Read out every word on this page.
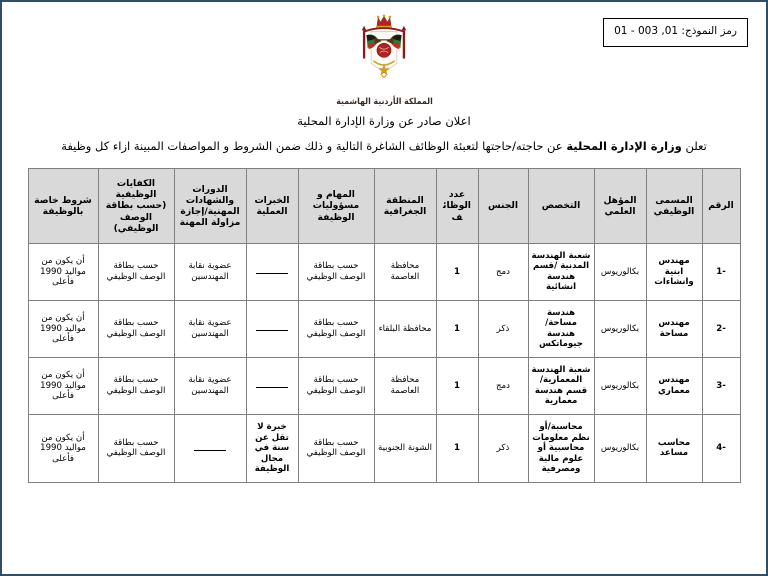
رمز النموذج: 01, 003 - 01
المملكة الأردنية الهاشمية
اعلان صادر عن وزارة الإدارة المحلية
تعلن وزارة الإدارة المحلية عن حاجته/حاجتها لتعبئة الوظائف الشاغرة التالية و ذلك ضمن الشروط و المواصفات المبينة ازاء كل وظيفة
الرقم	المسمى الوظيفي	المؤهل العلمي	التخصص	الجنس	عدد الوظائف	المنطقة الجغرافية	المهام و مسؤوليات الوظيفة	الخبرات العملية	الدورات والشهادات المهنية/إجازة مزاولة المهنة	الكفايات الوظيفية (حسب بطاقة الوصف الوظيفي)	شروط خاصة بالوظيفة
-1	مهندس ابنية وانشاءات	بكالوريوس	شعبة الهندسة المدنية /قسم هندسة انشائية	دمج	1	محافظة العاصمة	حسب بطاقة الوصف الوظيفي		عضوية نقابة المهندسين	حسب بطاقة الوصف الوظيفي	أن يكون من مواليد 1990 فأعلى
-2	مهندس مساحة	بكالوريوس	هندسة مساحة/ هندسة جيوماتكس	ذكر	1	محافظة البلقاء	حسب بطاقة الوصف الوظيفي		عضوية نقابة المهندسين	حسب بطاقة الوصف الوظيفي	أن يكون من مواليد 1990 فأعلى
-3	مهندس معماري	بكالوريوس	شعبة الهندسة المعمارية/ قسم هندسة معمارية	دمج	1	محافظة العاصمة	حسب بطاقة الوصف الوظيفي		عضوية نقابة المهندسين	حسب بطاقة الوصف الوظيفي	أن يكون من مواليد 1990 فأعلى
-4	محاسب مساعد	بكالوريوس	محاسبة/أو نظم معلومات محاسبية أو علوم مالية ومصرفية	ذكر	1	الشونة الجنوبية	حسب بطاقة الوصف الوظيفي	خبرة لا تقل عن سنة في مجال الوظيفة		حسب بطاقة الوصف الوظيفي	أن يكون من مواليد 1990 فأعلى
